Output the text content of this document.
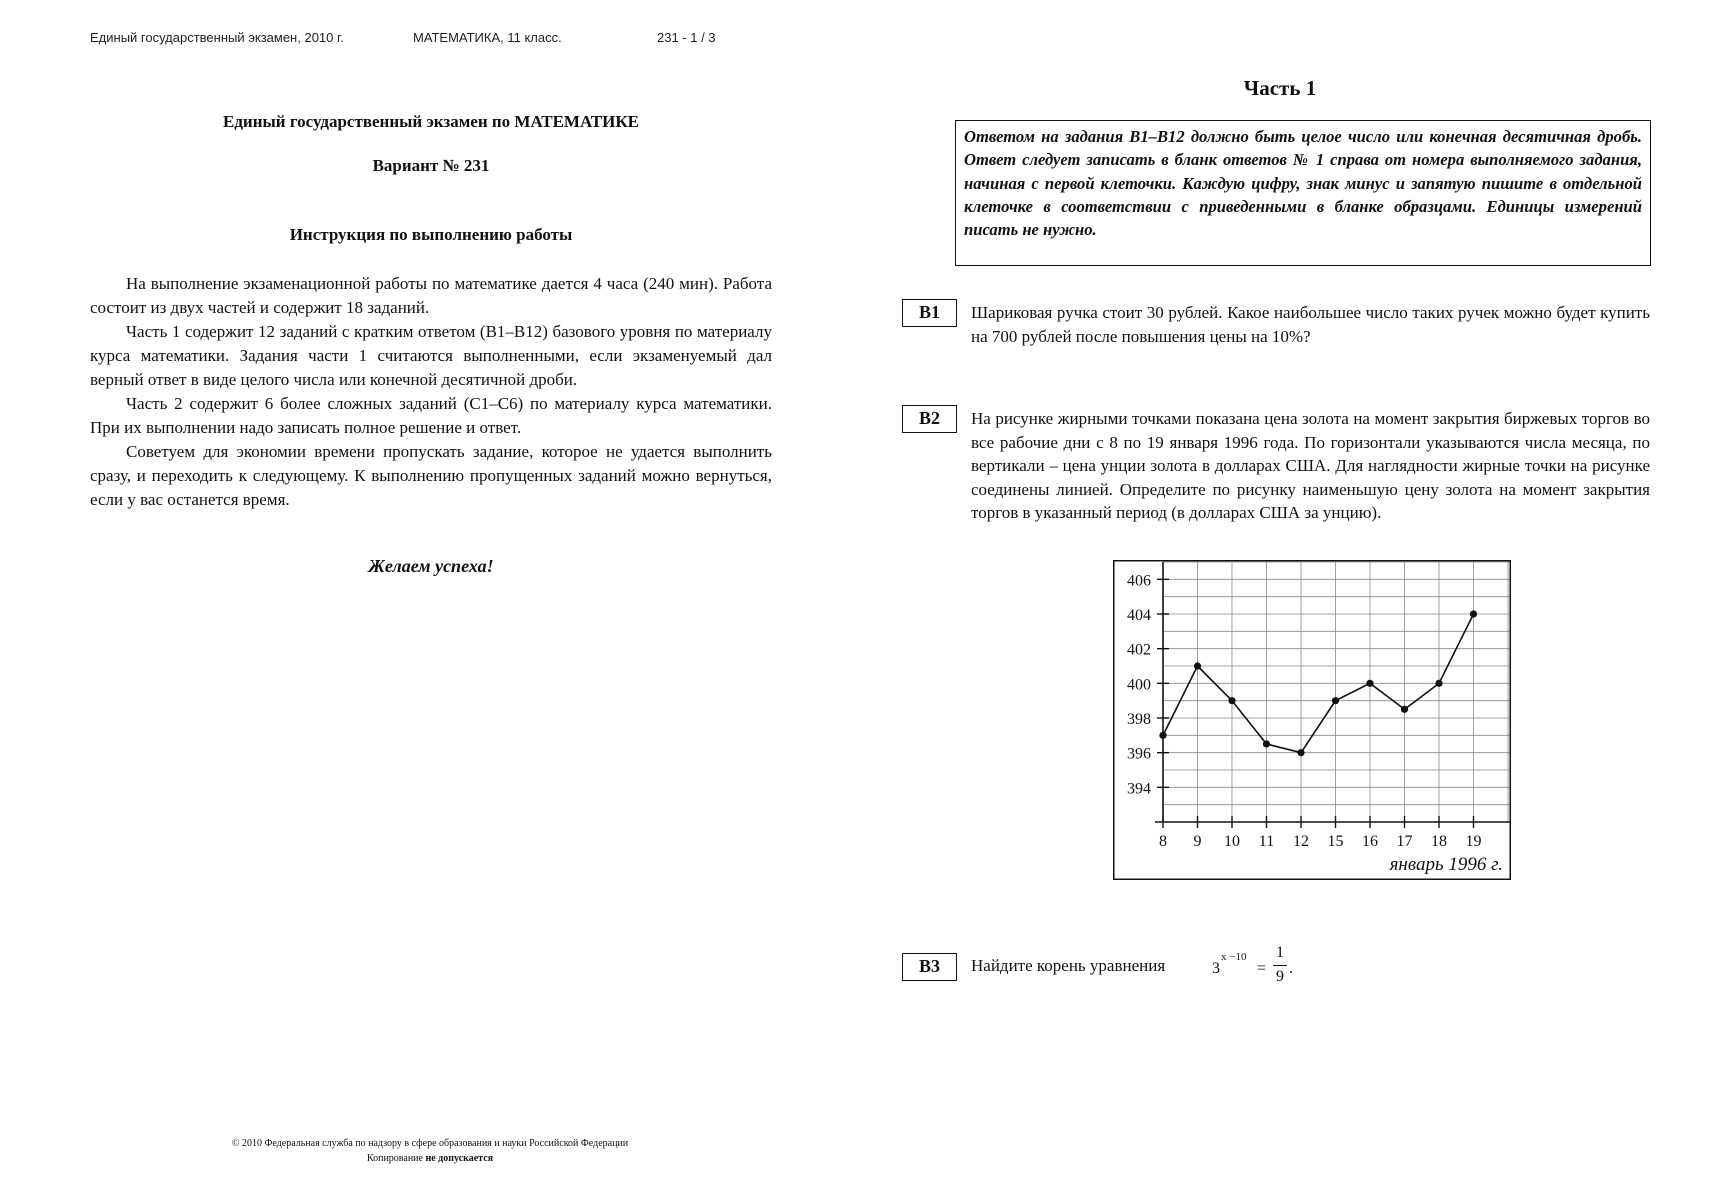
Единый государственный экзамен, 2010 г.	МАТЕМАТИКА, 11 класс.	231 - 1 / 3
Единый государственный экзамен по МАТЕМАТИКЕ
Вариант № 231
Инструкция по выполнению работы

На выполнение экзаменационной работы по математике дается 4 часа (240 мин). Работа состоит из двух частей и содержит 18 заданий.

Часть 1 содержит 12 заданий с кратким ответом (В1–В12) базового уровня по материалу курса математики. Задания части 1 считаются выполненными, если экзаменуемый дал верный ответ в виде целого числа или конечной десятичной дроби.

Часть 2 содержит 6 более сложных заданий (С1–С6) по материалу курса математики. При их выполнении надо записать полное решение и ответ.

Советуем для экономии времени пропускать задание, которое не удается выполнить сразу, и переходить к следующему. К выполнению пропущенных заданий можно вернуться, если у вас останется время.

Желаем успеха!
Часть 1
Ответом на задания В1–В12 должно быть целое число или конечная десятичная дробь. Ответ следует записать в бланк ответов № 1 справа от номера выполняемого задания, начиная с первой клеточки. Каждую цифру, знак минус и запятую пишите в отдельной клеточке в соответствии с приведенными в бланке образцами. Единицы измерений писать не нужно.
B1	Шариковая ручка стоит 30 рублей. Какое наибольшее число таких ручек можно будет купить на 700 рублей после повышения цены на 10%?
B2	На рисунке жирными точками показана цена золота на момент закрытия биржевых торгов во все рабочие дни с 8 по 19 января 1996 года. По горизонтали указываются числа месяца, по вертикали – цена унции золота в долларах США. Для наглядности жирные точки на рисунке соединены линией. Определите по рисунку наименьшую цену золота на момент закрытия торгов в указанный период (в долларах США за унцию).
394
396
398
400
402
404
406
8 9 10 11 12 15 16 17 18 19
январь 1996 г.
B3	Найдите корень уравнения	3
x −10
=
1
9 .
© 2010 Федеральная служба по надзору в сфере образования и науки Российской Федерации
Копирование не допускается
